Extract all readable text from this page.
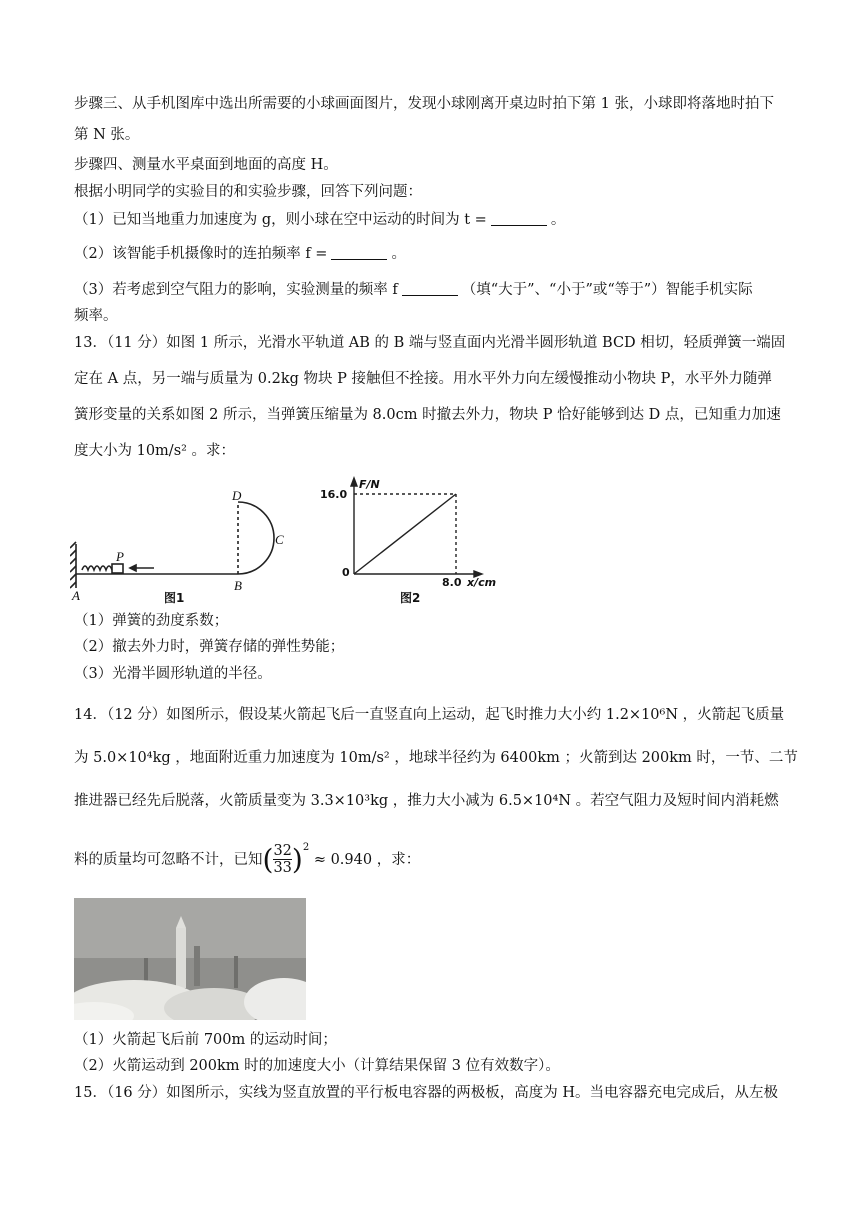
步骤三、从手机图库中选出所需要的小球画面图片，发现小球刚离开桌边时拍下第 1 张，小球即将落地时拍下
第 N 张。
步骤四、测量水平桌面到地面的高度 H。
根据小明同学的实验目的和实验步骤，回答下列问题：
（1）已知当地重力加速度为 g，则小球在空中运动的时间为 t =	。
（2）该智能手机摄像时的连拍频率 f =	。
（3）若考虑到空气阻力的影响，实验测量的频率 f	（填“大于”、“小于”或“等于”）智能手机实际
频率。
13．（11 分）如图 1 所示，光滑水平轨道 AB 的 B 端与竖直面内光滑半圆形轨道 BCD 相切，轻质弹簧一端固
定在 A 点，另一端与质量为 0.2kg 物块 P 接触但不拴接。用水平外力向左缓慢推动小物块 P，水平外力随弹
簧形变量的关系如图 2 所示，当弹簧压缩量为 8.0cm 时撤去外力，物块 P 恰好能够到达 D 点，已知重力加速
度大小为 10m/s² 。求：
A
P
B
D
C
图1
F/N
16.0
0
8.0 x/cm
图2
（1）弹簧的劲度系数；
（2）撤去外力时，弹簧存储的弹性势能；
（3）光滑半圆形轨道的半径。
14．（12 分）如图所示，假设某火箭起飞后一直竖直向上运动，起飞时推力大小约 1.2×10⁶N ，火箭起飞质量
为 5.0×10⁴kg ，地面附近重力加速度为 10m/s² ，地球半径约为 6400km ；火箭到达 200km 时，一节、二节
推进器已经先后脱落，火箭质量变为 3.3×10³kg ，推力大小减为 6.5×10⁴N 。若空气阻力及短时间内消耗燃
料的质量均可忽略不计，已知( $\frac{32}{33} )^2 \approx 0.940$ ，求：
（1）火箭起飞后前 700m 的运动时间；
（2）火箭运动到 200km 时的加速度大小（计算结果保留 3 位有效数字）。
15．（16 分）如图所示，实线为竖直放置的平行板电容器的两极板，高度为 H。当电容器充电完成后，从左极
